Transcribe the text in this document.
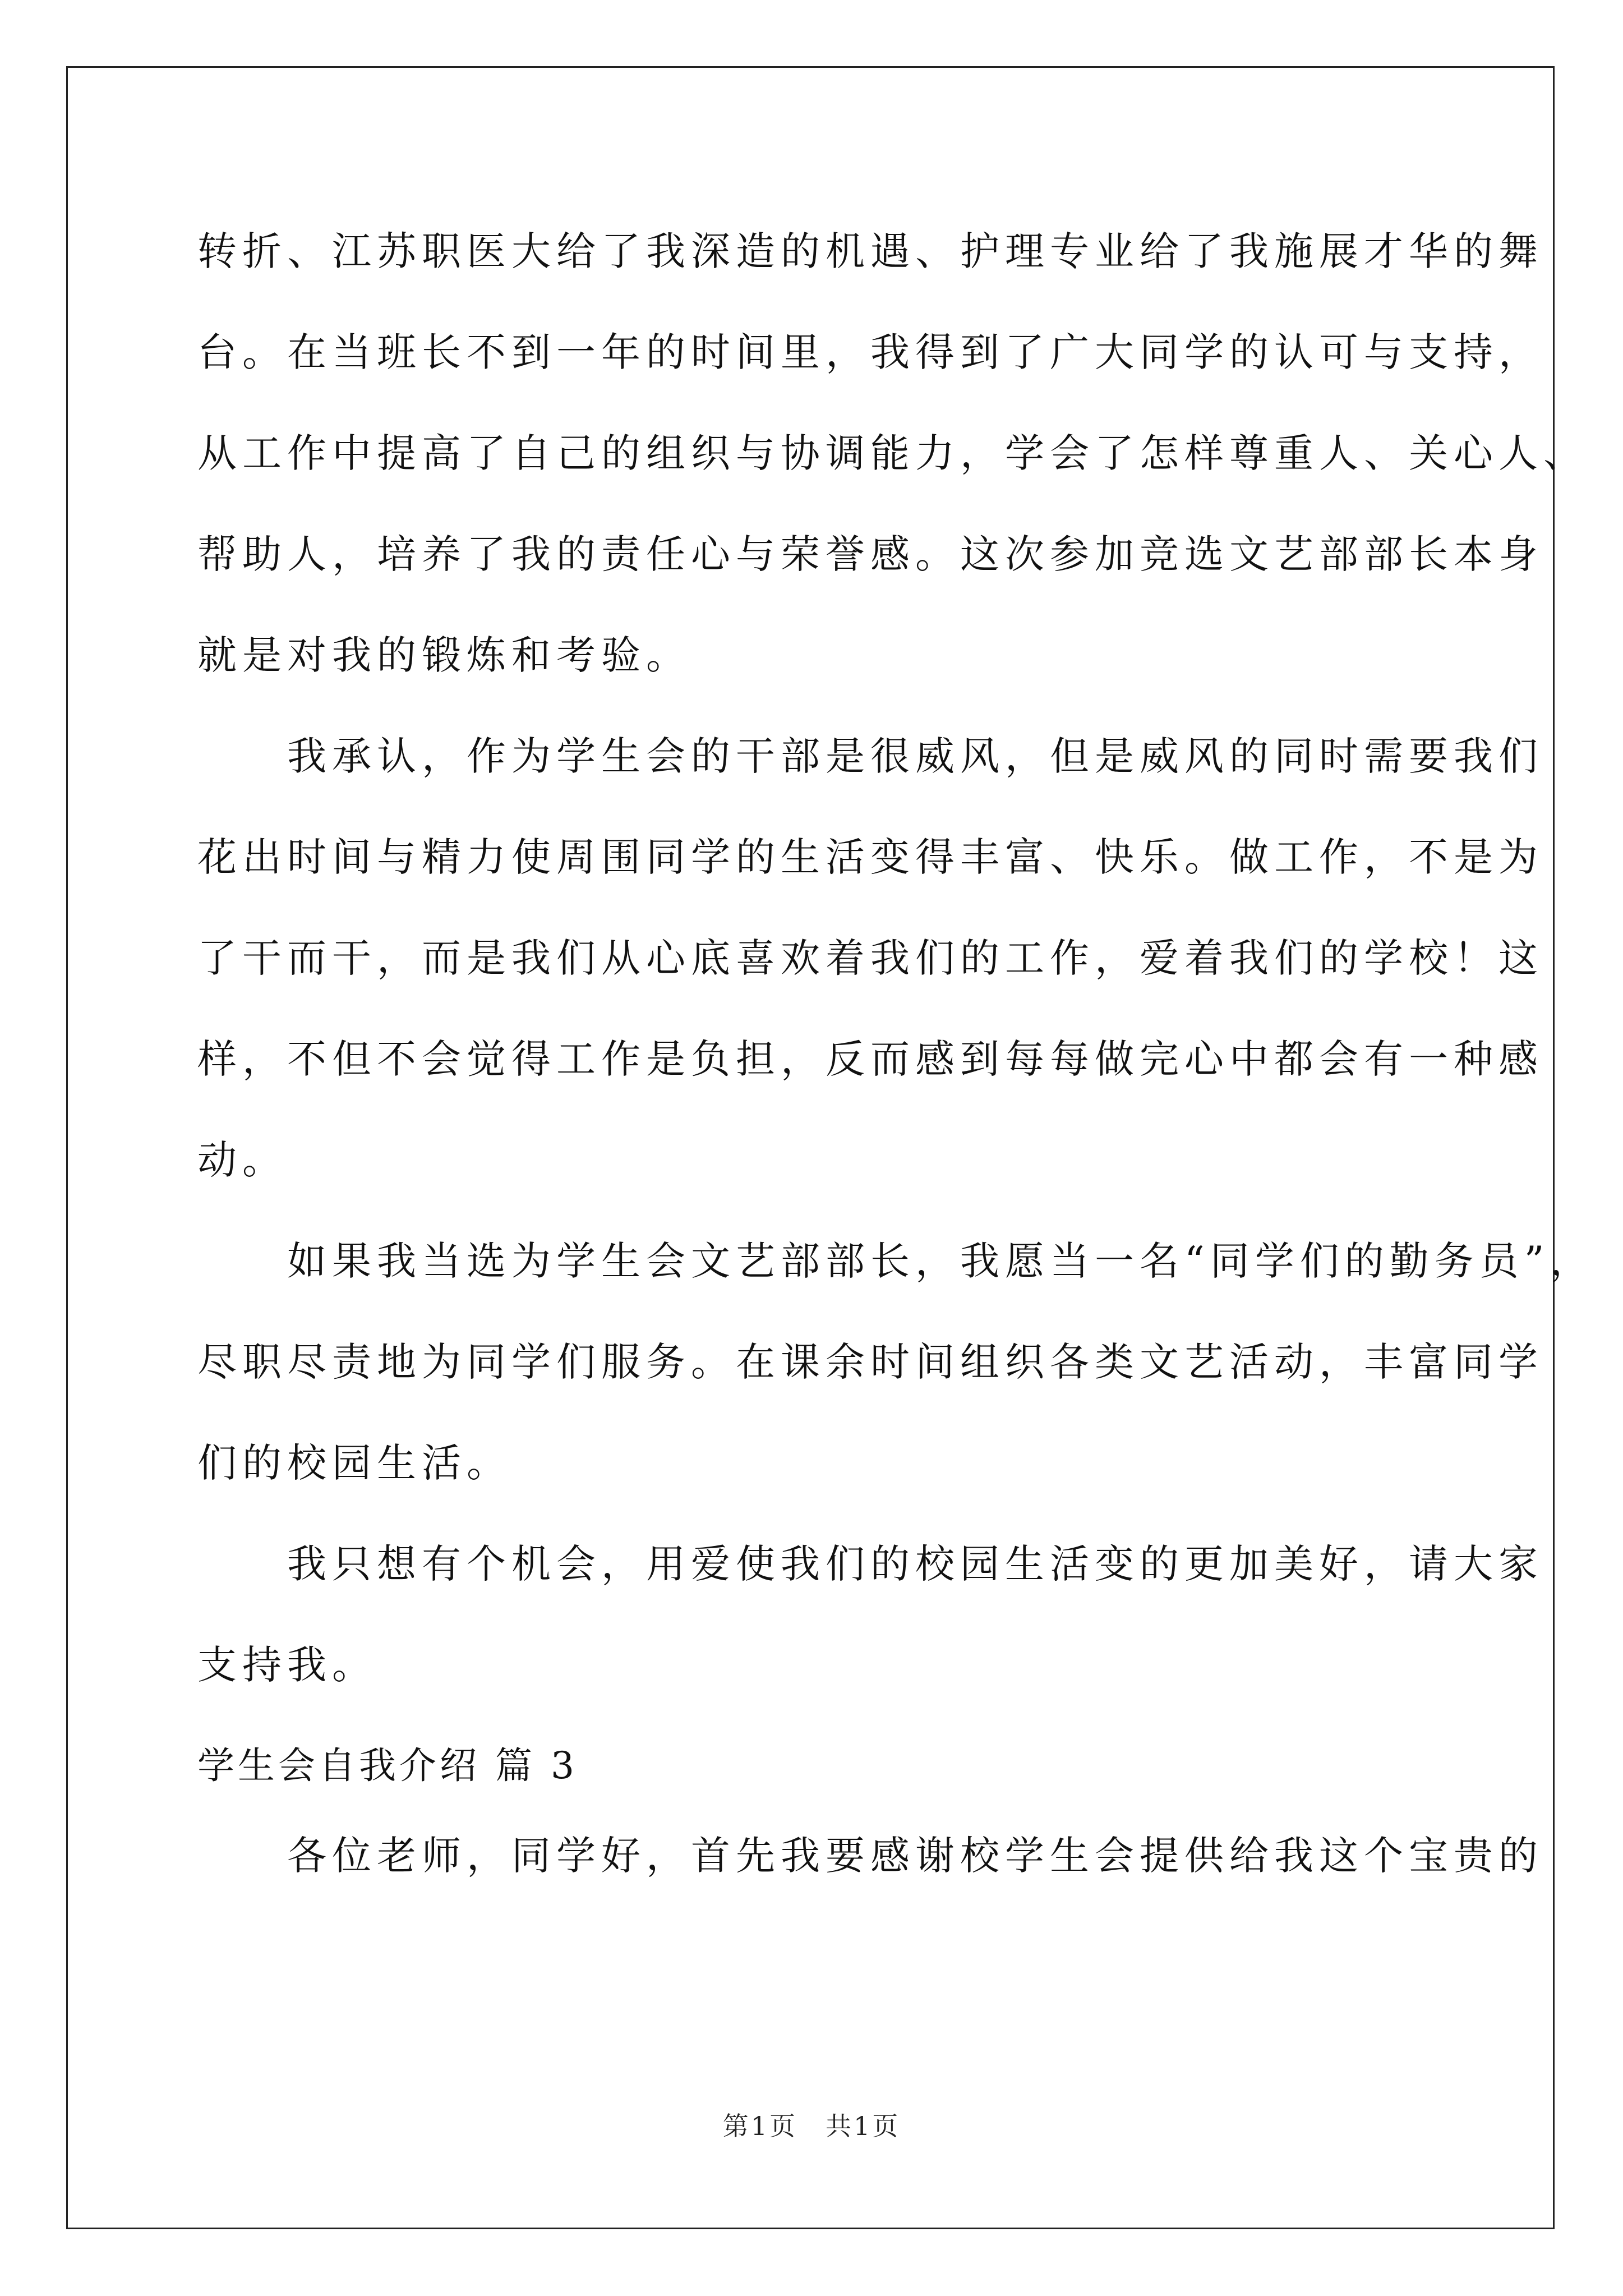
转折、江苏职医大给了我深造的机遇、护理专业给了我施展才华的舞
台。在当班长不到一年的时间里，我得到了广大同学的认可与支持，
从工作中提高了自己的组织与协调能力，学会了怎样尊重人、关心人、
帮助人，培养了我的责任心与荣誉感。这次参加竞选文艺部部长本身
就是对我的锻炼和考验。
　　我承认，作为学生会的干部是很威风，但是威风的同时需要我们
花出时间与精力使周围同学的生活变得丰富、快乐。做工作，不是为
了干而干，而是我们从心底喜欢着我们的工作，爱着我们的学校！这
样，不但不会觉得工作是负担，反而感到每每做完心中都会有一种感
动。
　　如果我当选为学生会文艺部部长，我愿当一名“同学们的勤务员”，
尽职尽责地为同学们服务。在课余时间组织各类文艺活动，丰富同学
们的校园生活。
　　我只想有个机会，用爱使我们的校园生活变的更加美好，请大家
支持我。
学生会自我介绍 篇 3
　　各位老师，同学好，首先我要感谢校学生会提供给我这个宝贵的
第1页　共1页
